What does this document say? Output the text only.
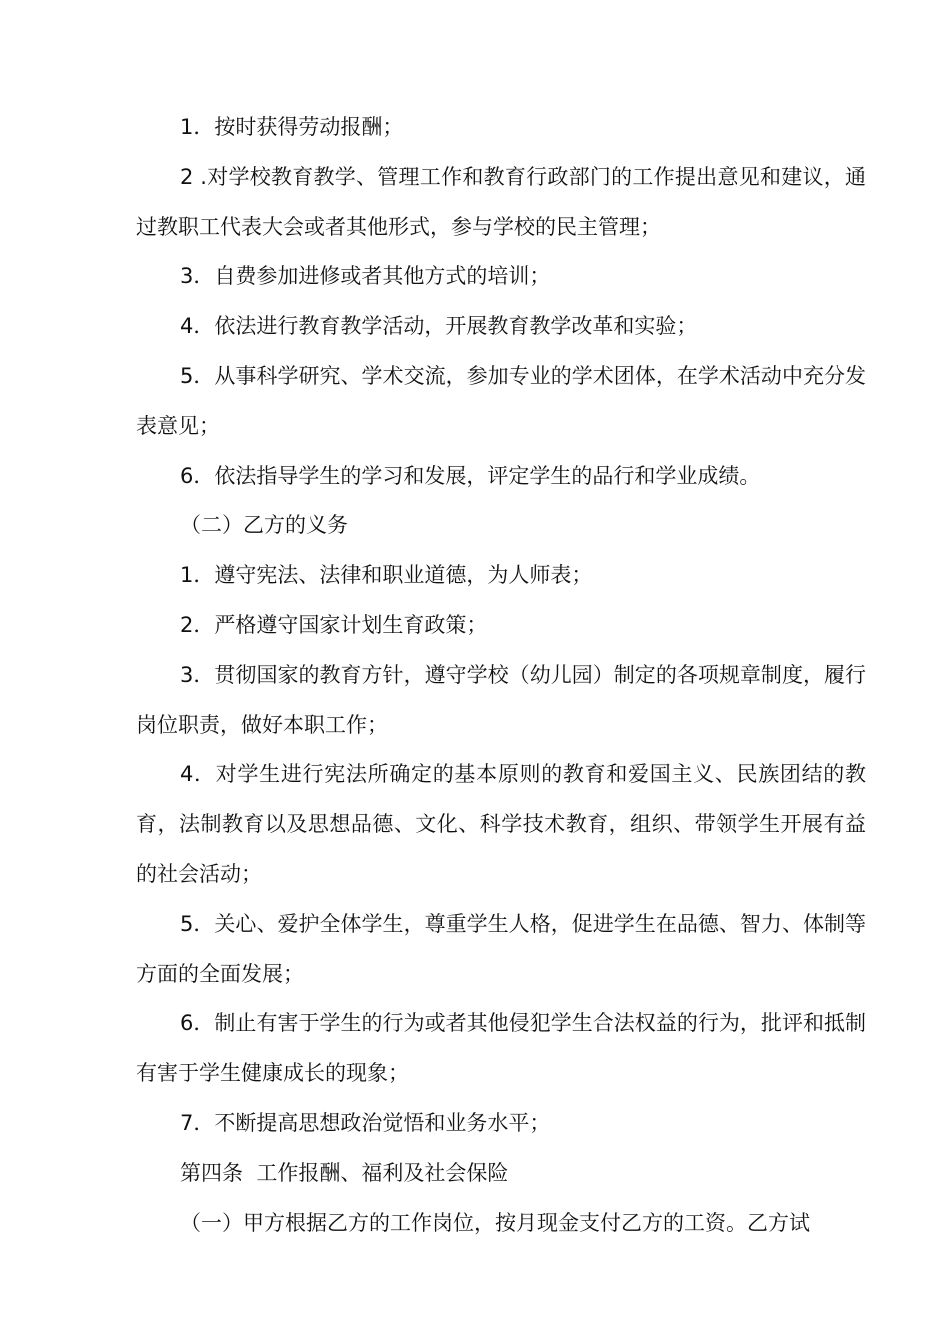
1．按时获得劳动报酬；

2 .对学校教育教学、管理工作和教育行政部门的工作提出意见和建议，通过教职工代表大会或者其他形式，参与学校的民主管理；

3．自费参加进修或者其他方式的培训；

4．依法进行教育教学活动，开展教育教学改革和实验；

5．从事科学研究、学术交流，参加专业的学术团体，在学术活动中充分发表意见；

6．依法指导学生的学习和发展，评定学生的品行和学业成绩。

（二）乙方的义务

1．遵守宪法、法律和职业道德，为人师表；

2．严格遵守国家计划生育政策；

3．贯彻国家的教育方针，遵守学校（幼儿园）制定的各项规章制度，履行岗位职责，做好本职工作；

4．对学生进行宪法所确定的基本原则的教育和爱国主义、民族团结的教育，法制教育以及思想品德、文化、科学技术教育，组织、带领学生开展有益的社会活动；

5．关心、爱护全体学生，尊重学生人格，促进学生在品德、智力、体制等方面的全面发展；

6．制止有害于学生的行为或者其他侵犯学生合法权益的行为，批评和抵制有害于学生健康成长的现象；

7．不断提高思想政治觉悟和业务水平；

第四条  工作报酬、福利及社会保险

（一）甲方根据乙方的工作岗位，按月现金支付乙方的工资。乙方试
